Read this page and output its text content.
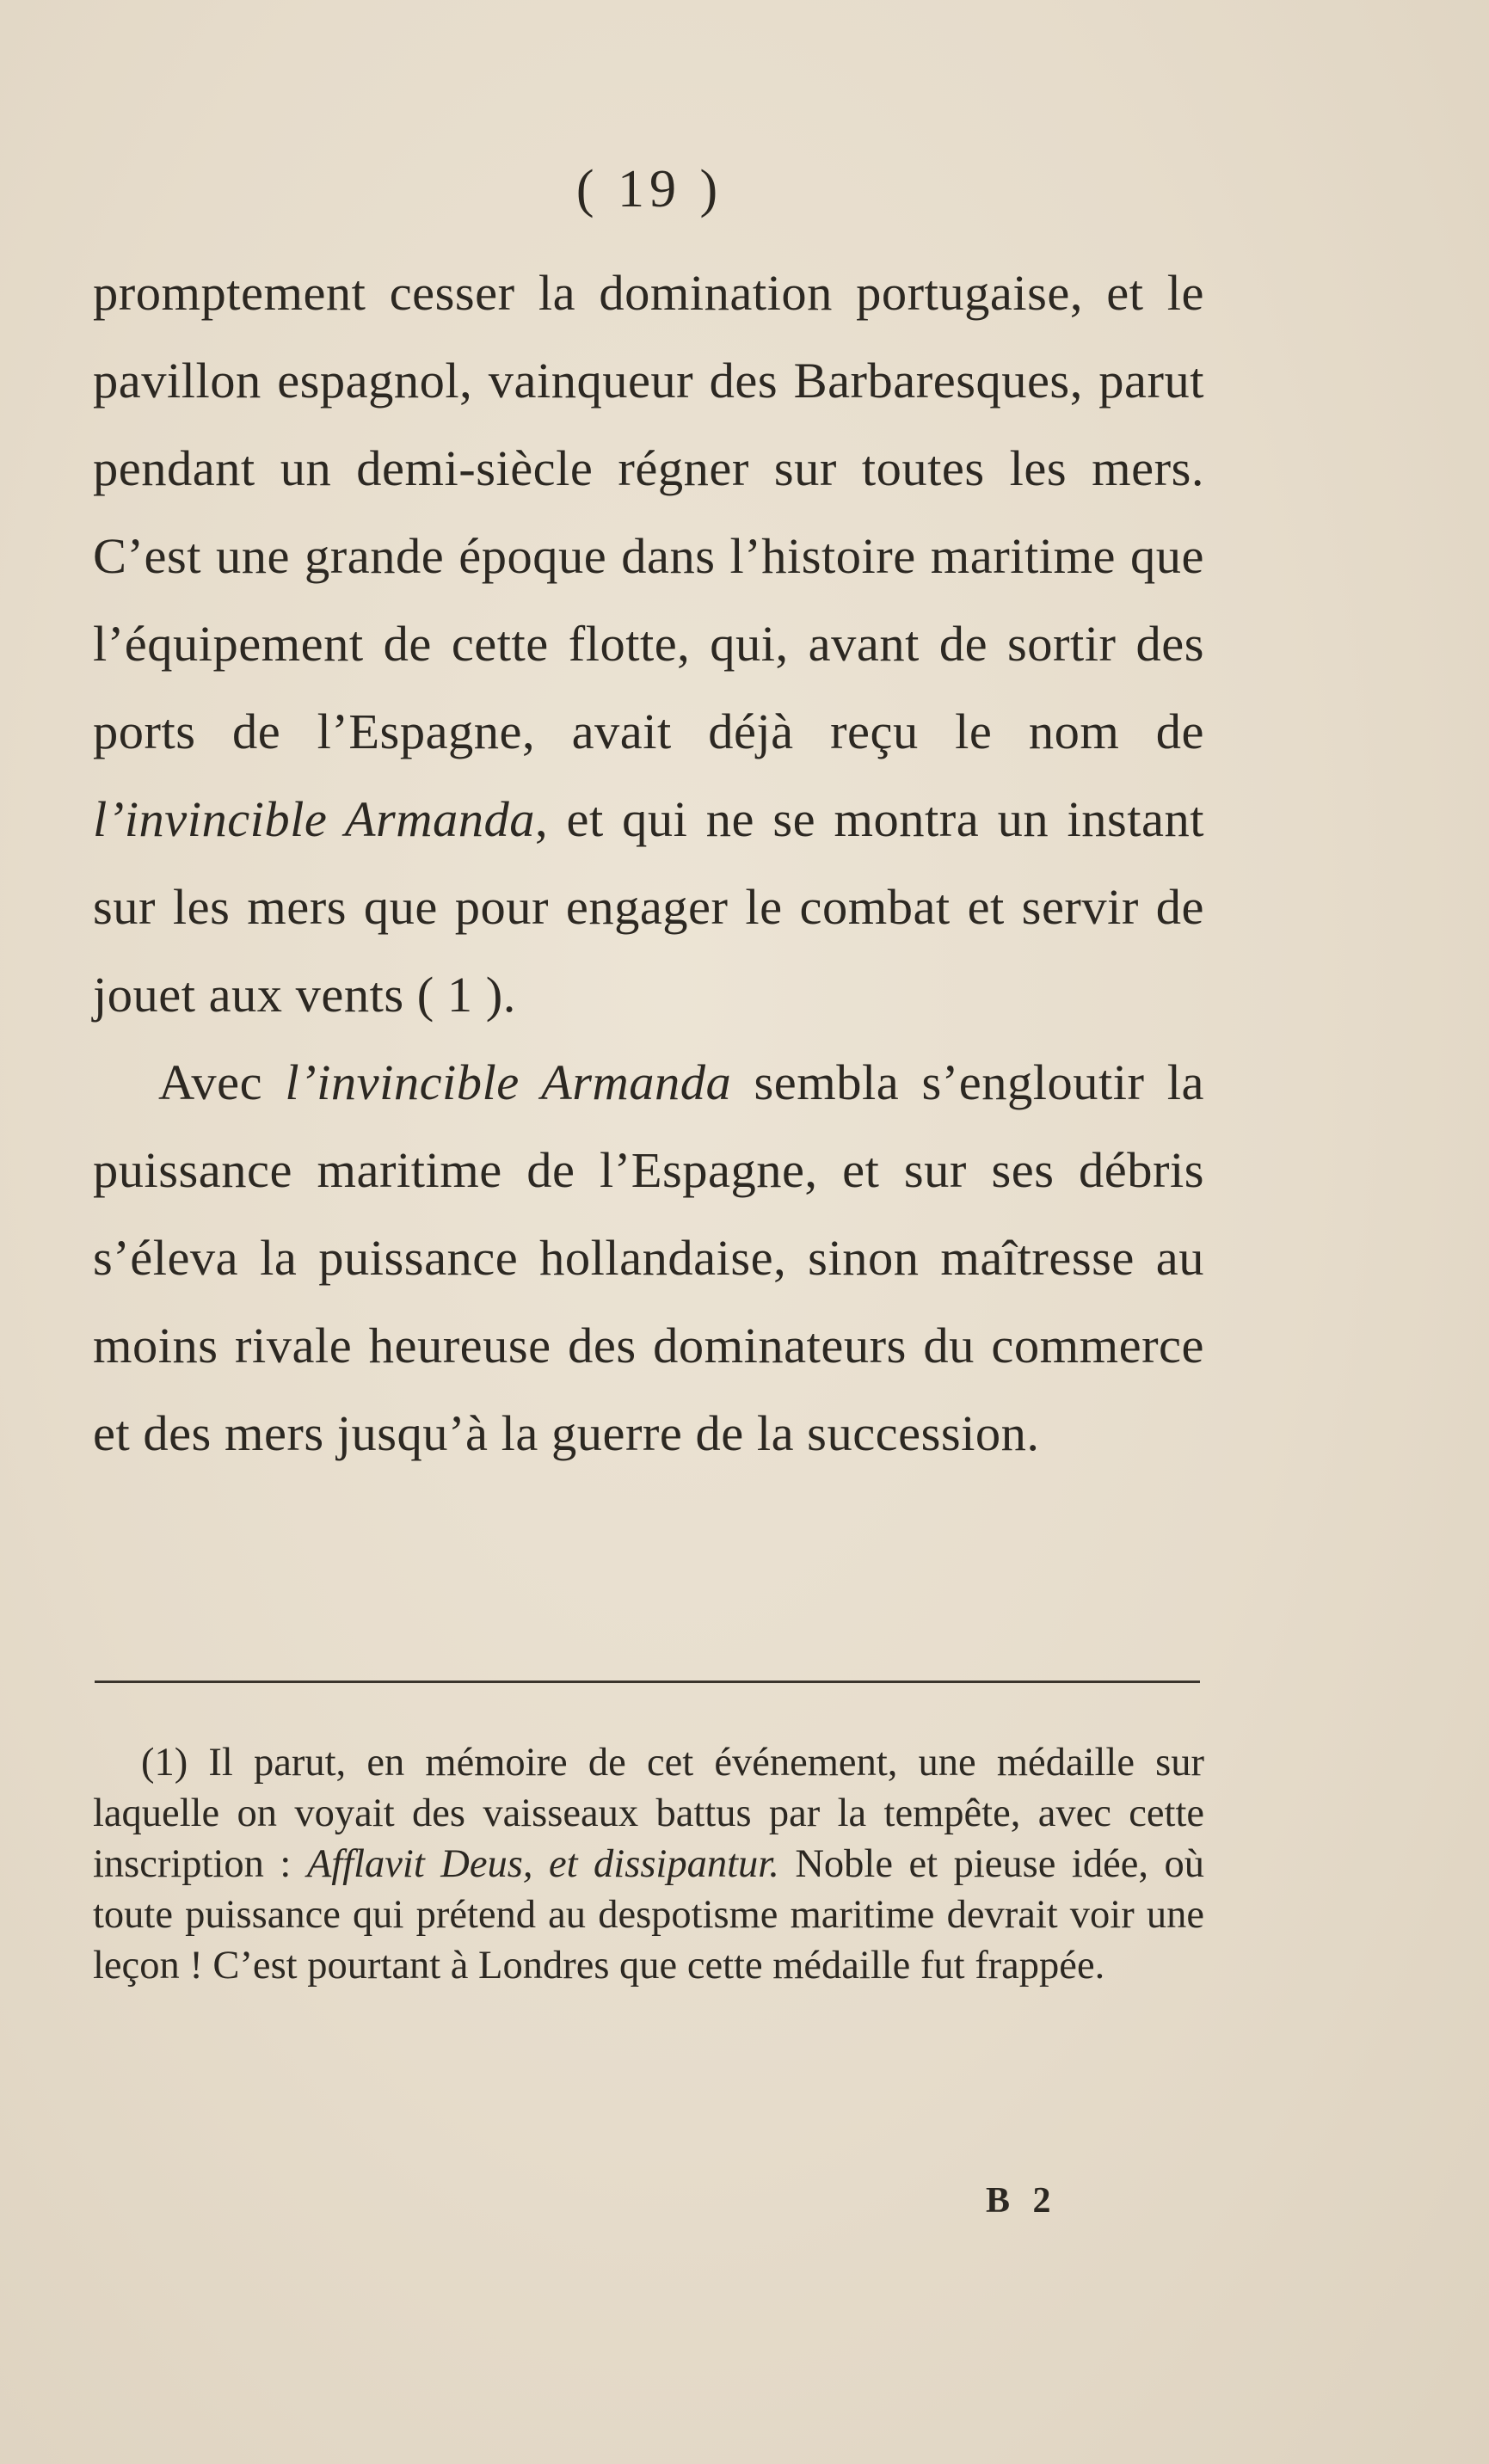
( 19 )

promptement cesser la domination portugaise, et le pavillon espagnol, vainqueur des Barbaresques, parut pendant un demi-siècle régner sur toutes les mers. C’est une grande époque dans l’histoire maritime que l’équipement de cette flotte, qui, avant de sortir des ports de l’Espagne, avait déjà reçu le nom de l’invincible Armanda, et qui ne se montra un instant sur les mers que pour engager le combat et servir de jouet aux vents ( 1 ).

Avec l’invincible Armanda sembla s’engloutir la puissance maritime de l’Espagne, et sur ses débris s’éleva la puissance hollandaise, sinon maîtresse au moins rivale heureuse des dominateurs du commerce et des mers jusqu’à la guerre de la succession.

(1) Il parut, en mémoire de cet événement, une médaille sur laquelle on voyait des vaisseaux battus par la tempête, avec cette inscription : Afflavit Deus, et dissipantur. Noble et pieuse idée, où toute puissance qui prétend au despotisme maritime devrait voir une leçon ! C’est pourtant à Londres que cette médaille fut frappée.

B 2
